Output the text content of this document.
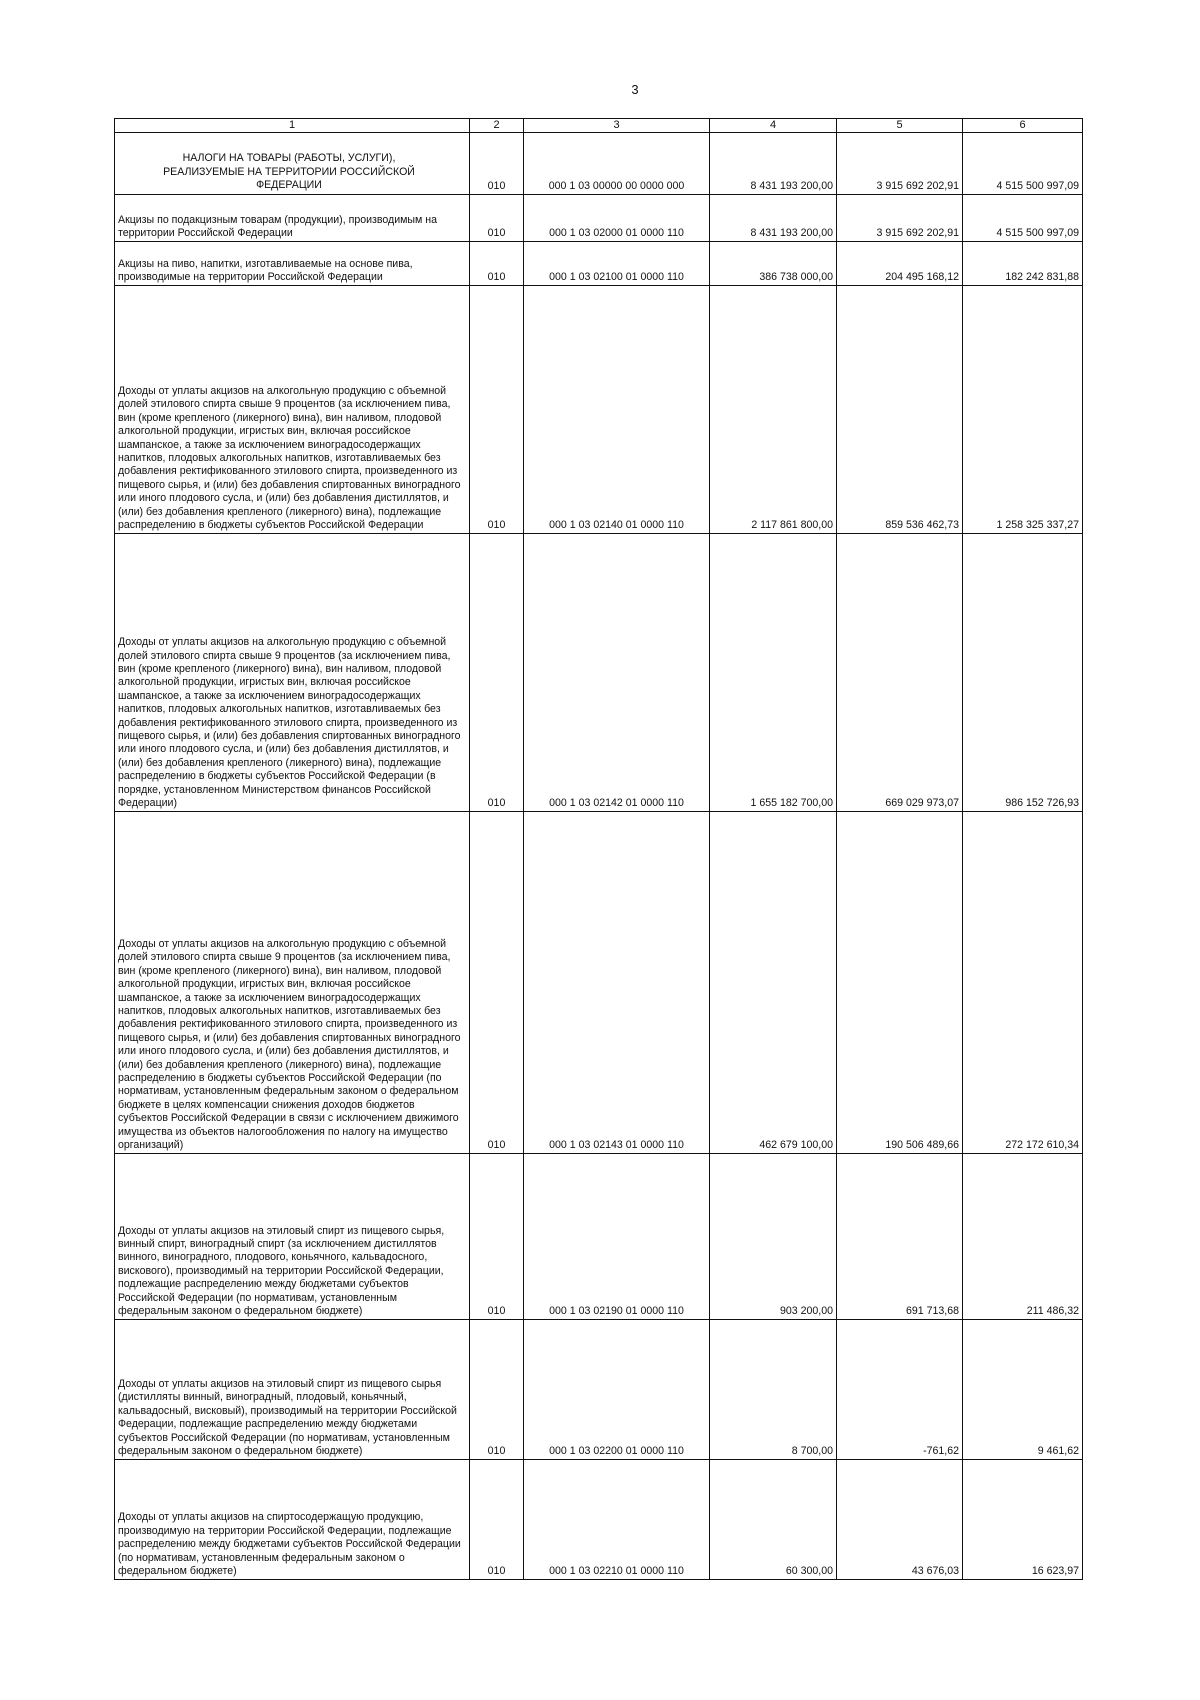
3
1	2	3	4	5	6
НАЛОГИ НА ТОВАРЫ (РАБОТЫ, УСЛУГИ), РЕАЛИЗУЕМЫЕ НА ТЕРРИТОРИИ РОССИЙСКОЙ ФЕДЕРАЦИИ	010	000 1 03 00000 00 0000 000	8 431 193 200,00	3 915 692 202,91	4 515 500 997,09
Акцизы по подакцизным товарам (продукции), производимым на территории Российской Федерации	010	000 1 03 02000 01 0000 110	8 431 193 200,00	3 915 692 202,91	4 515 500 997,09
Акцизы на пиво, напитки, изготавливаемые на основе пива, производимые на территории Российской Федерации	010	000 1 03 02100 01 0000 110	386 738 000,00	204 495 168,12	182 242 831,88
Доходы от уплаты акцизов на алкогольную продукцию с объемной долей этилового спирта свыше 9 процентов (за исключением пива, вин (кроме крепленого (ликерного) вина), вин наливом, плодовой алкогольной продукции, игристых вин, включая российское шампанское, а также за исключением виноградосодержащих напитков, плодовых алкогольных напитков, изготавливаемых без добавления ректификованного этилового спирта, произведенного из пищевого сырья, и (или) без добавления спиртованных виноградного или иного плодового сусла, и (или) без добавления дистиллятов, и (или) без добавления крепленого (ликерного) вина), подлежащие распределению в бюджеты субъектов Российской Федерации	010	000 1 03 02140 01 0000 110	2 117 861 800,00	859 536 462,73	1 258 325 337,27
Доходы от уплаты акцизов на алкогольную продукцию с объемной долей этилового спирта свыше 9 процентов (за исключением пива, вин (кроме крепленого (ликерного) вина), вин наливом, плодовой алкогольной продукции, игристых вин, включая российское шампанское, а также за исключением виноградосодержащих напитков, плодовых алкогольных напитков, изготавливаемых без добавления ректификованного этилового спирта, произведенного из пищевого сырья, и (или) без добавления спиртованных виноградного или иного плодового сусла, и (или) без добавления дистиллятов, и (или) без добавления крепленого (ликерного) вина), подлежащие распределению в бюджеты субъектов Российской Федерации (в порядке, установленном Министерством финансов Российской Федерации)	010	000 1 03 02142 01 0000 110	1 655 182 700,00	669 029 973,07	986 152 726,93
Доходы от уплаты акцизов на алкогольную продукцию с объемной долей этилового спирта свыше 9 процентов (за исключением пива, вин (кроме крепленого (ликерного) вина), вин наливом, плодовой алкогольной продукции, игристых вин, включая российское шампанское, а также за исключением виноградосодержащих напитков, плодовых алкогольных напитков, изготавливаемых без добавления ректификованного этилового спирта, произведенного из пищевого сырья, и (или) без добавления спиртованных виноградного или иного плодового сусла, и (или) без добавления дистиллятов, и (или) без добавления крепленого (ликерного) вина), подлежащие распределению в бюджеты субъектов Российской Федерации (по нормативам, установленным федеральным законом о федеральном бюджете в целях компенсации снижения доходов бюджетов субъектов Российской Федерации в связи с исключением движимого имущества из объектов налогообложения по налогу на имущество организаций)	010	000 1 03 02143 01 0000 110	462 679 100,00	190 506 489,66	272 172 610,34
Доходы от уплаты акцизов на этиловый спирт из пищевого сырья, винный спирт, виноградный спирт (за исключением дистиллятов винного, виноградного, плодового, коньячного, кальвадосного, вискового), производимый на территории Российской Федерации, подлежащие распределению между бюджетами субъектов Российской Федерации (по нормативам, установленным федеральным законом о федеральном бюджете)	010	000 1 03 02190 01 0000 110	903 200,00	691 713,68	211 486,32
Доходы от уплаты акцизов на этиловый спирт из пищевого сырья (дистилляты винный, виноградный, плодовый, коньячный, кальвадосный, висковый), производимый на территории Российской Федерации, подлежащие распределению между бюджетами субъектов Российской Федерации (по нормативам, установленным федеральным законом о федеральном бюджете)	010	000 1 03 02200 01 0000 110	8 700,00	-761,62	9 461,62
Доходы от уплаты акцизов на спиртосодержащую продукцию, производимую на территории Российской Федерации, подлежащие распределению между бюджетами субъектов Российской Федерации (по нормативам, установленным федеральным законом о федеральном бюджете)	010	000 1 03 02210 01 0000 110	60 300,00	43 676,03	16 623,97
